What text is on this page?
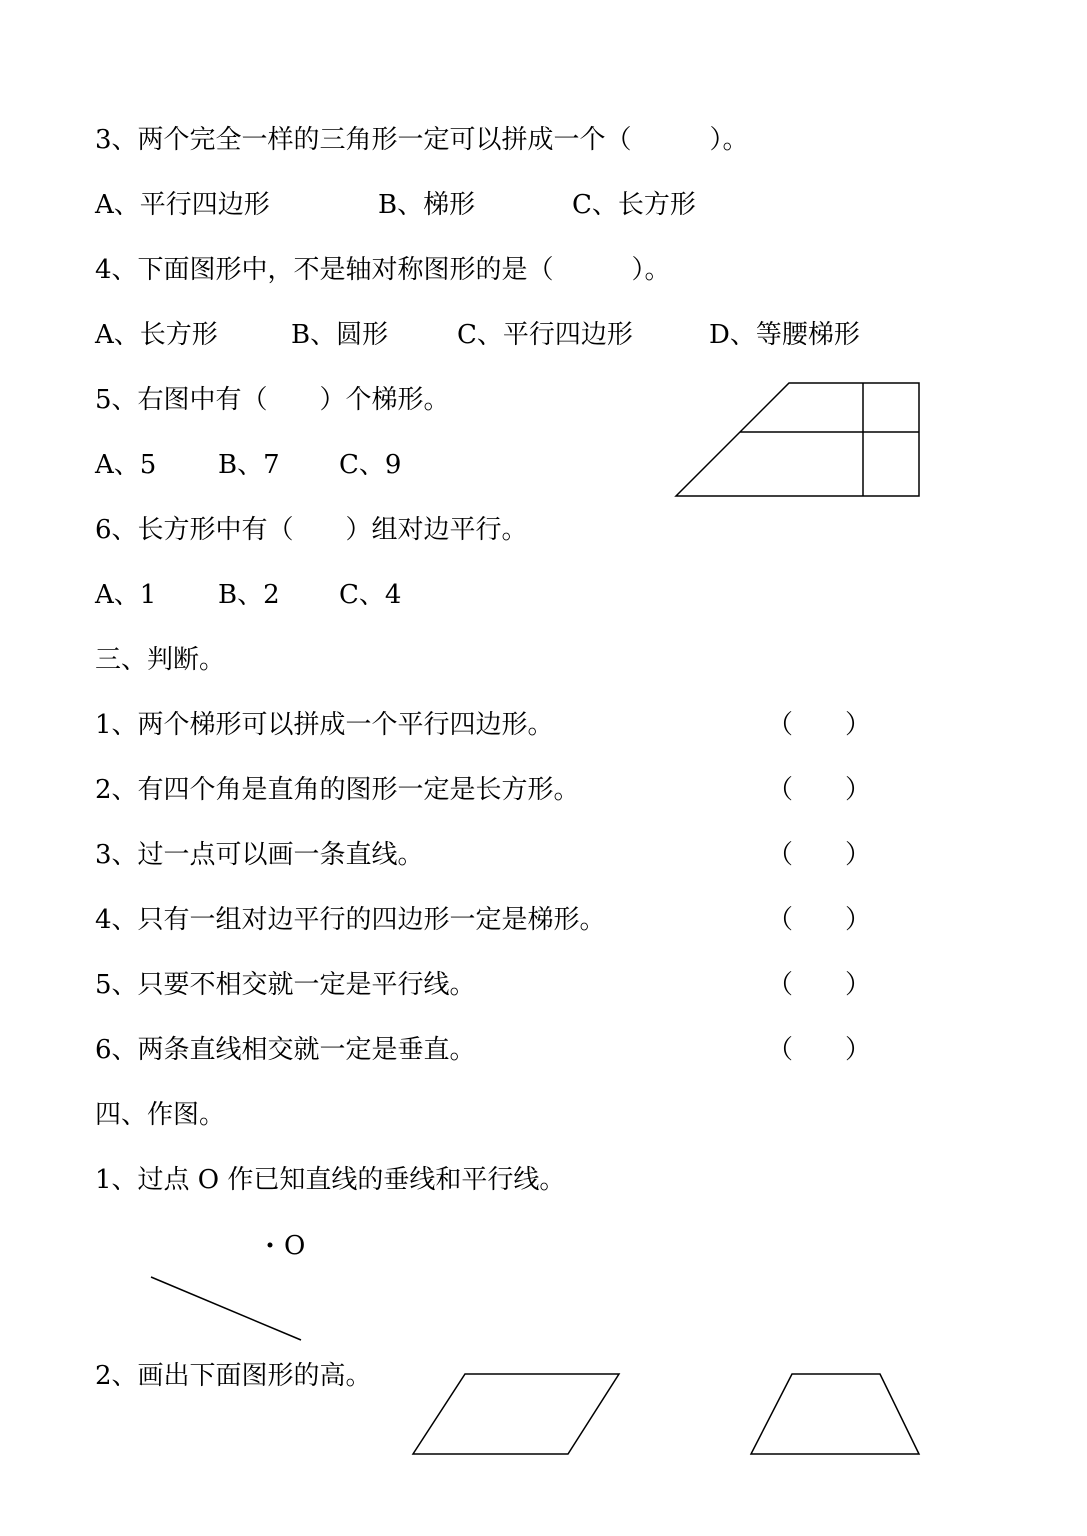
3、两个完全一样的三角形一定可以拼成一个（　　　）。
A、平行四边形	B、梯形	C、长方形
4、下面图形中，不是轴对称图形的是（　　　）。
A、长方形	B、圆形	C、平行四边形	D、等腰梯形
5、右图中有（　　）个梯形。
A、5 B、7 C、9
6、长方形中有（　　）组对边平行。
A、1 B、2 C、4
三、判断。
1、两个梯形可以拼成一个平行四边形。	（　　）
2、有四个角是直角的图形一定是长方形。	（　　）
3、过一点可以画一条直线。	（　　）
4、只有一组对边平行的四边形一定是梯形。	（　　）
5、只要不相交就一定是平行线。	（　　）
6、两条直线相交就一定是垂直。	（　　）
四、作图。
1、过点 O 作已知直线的垂线和平行线。
O
2、画出下面图形的高。
